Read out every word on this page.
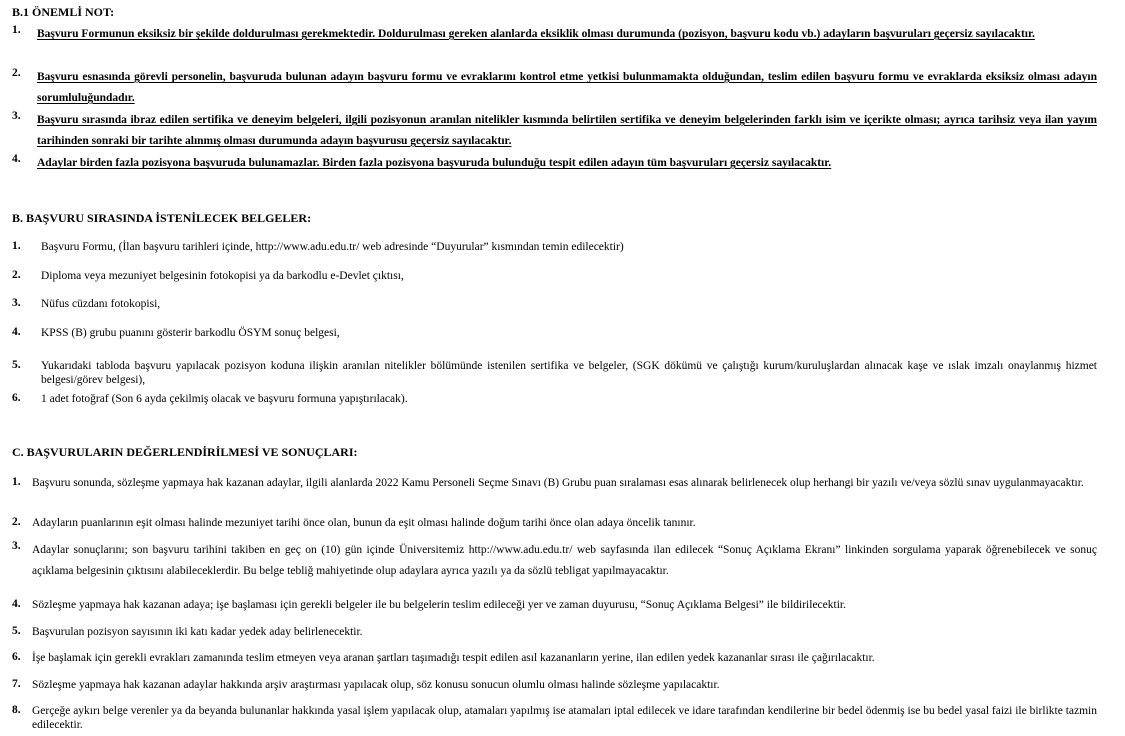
B.1 ÖNEMLİ NOT:
1. Başvuru Formunun eksiksiz bir şekilde doldurulması gerekmektedir. Doldurulması gereken alanlarda eksiklik olması durumunda (pozisyon, başvuru kodu vb.) adayların başvuruları geçersiz sayılacaktır.
2. Başvuru esnasında görevli personelin, başvuruda bulunan adayın başvuru formu ve evraklarını kontrol etme yetkisi bulunmamakta olduğundan, teslim edilen başvuru formu ve evraklarda eksiksiz olması adayın sorumluluğundadır.
3. Başvuru sırasında ibraz edilen sertifika ve deneyim belgeleri, ilgili pozisyonun aranılan nitelikler kısmında belirtilen sertifika ve deneyim belgelerinden farklı isim ve içerikte olması; ayrıca tarihsiz veya ilan yayım tarihinden sonraki bir tarihte alınmış olması durumunda adayın başvurusu geçersiz sayılacaktır.
4. Adaylar birden fazla pozisyona başvuruda bulunamazlar. Birden fazla pozisyona başvuruda bulunduğu tespit edilen adayın tüm başvuruları geçersiz sayılacaktır.
B. BAŞVURU SIRASINDA İSTENİLECEK BELGELER:
1. Başvuru Formu, (İlan başvuru tarihleri içinde, http://www.adu.edu.tr/ web adresinde “Duyurular” kısmından temin edilecektir)
2. Diploma veya mezuniyet belgesinin fotokopisi ya da barkodlu e-Devlet çıktısı,
3. Nüfus cüzdanı fotokopisi,
4. KPSS (B) grubu puanını gösterir barkodlu ÖSYM sonuç belgesi,
5. Yukarıdaki tabloda başvuru yapılacak pozisyon koduna ilişkin aranılan nitelikler bölümünde istenilen sertifika ve belgeler, (SGK dökümü ve çalıştığı kurum/kuruluşlardan alınacak kaşe ve ıslak imzalı onaylanmış hizmet belgesi/görev belgesi),
6. 1 adet fotoğraf (Son 6 ayda çekilmiş olacak ve başvuru formuna yapıştırılacak).
C. BAŞVURULARIN DEĞERLENDİRİLMESİ VE SONUÇLARI:
1. Başvuru sonunda, sözleşme yapmaya hak kazanan adaylar, ilgili alanlarda 2022 Kamu Personeli Seçme Sınavı (B) Grubu puan sıralaması esas alınarak belirlenecek olup herhangi bir yazılı ve/veya sözlü sınav uygulanmayacaktır.
2. Adayların puanlarının eşit olması halinde mezuniyet tarihi önce olan, bunun da eşit olması halinde doğum tarihi önce olan adaya öncelik tanınır.
3. Adaylar sonuçlarını; son başvuru tarihini takiben en geç on (10) gün içinde Üniversitemiz http://www.adu.edu.tr/ web sayfasında ilan edilecek “Sonuç Açıklama Ekranı” linkinden sorgulama yaparak öğrenebilecek ve sonuç açıklama belgesinin çıktısını alabileceklerdir. Bu belge tebliğ mahiyetinde olup adaylara ayrıca yazılı ya da sözlü tebligat yapılmayacaktır.
4. Sözleşme yapmaya hak kazanan adaya; işe başlaması için gerekli belgeler ile bu belgelerin teslim edileceği yer ve zaman duyurusu, “Sonuç Açıklama Belgesi” ile bildirilecektir.
5. Başvurulan pozisyon sayısının iki katı kadar yedek aday belirlenecektir.
6. İşe başlamak için gerekli evrakları zamanında teslim etmeyen veya aranan şartları taşımadığı tespit edilen asıl kazananların yerine, ilan edilen yedek kazananlar sırası ile çağırılacaktır.
7. Sözleşme yapmaya hak kazanan adaylar hakkında arşiv araştırması yapılacak olup, söz konusu sonucun olumlu olması halinde sözleşme yapılacaktır.
8. Gerçeğe aykırı belge verenler ya da beyanda bulunanlar hakkında yasal işlem yapılacak olup, atamaları yapılmış ise atamaları iptal edilecek ve idare tarafından kendilerine bir bedel ödenmiş ise bu bedel yasal faizi ile birlikte tazmin edilecektir.
